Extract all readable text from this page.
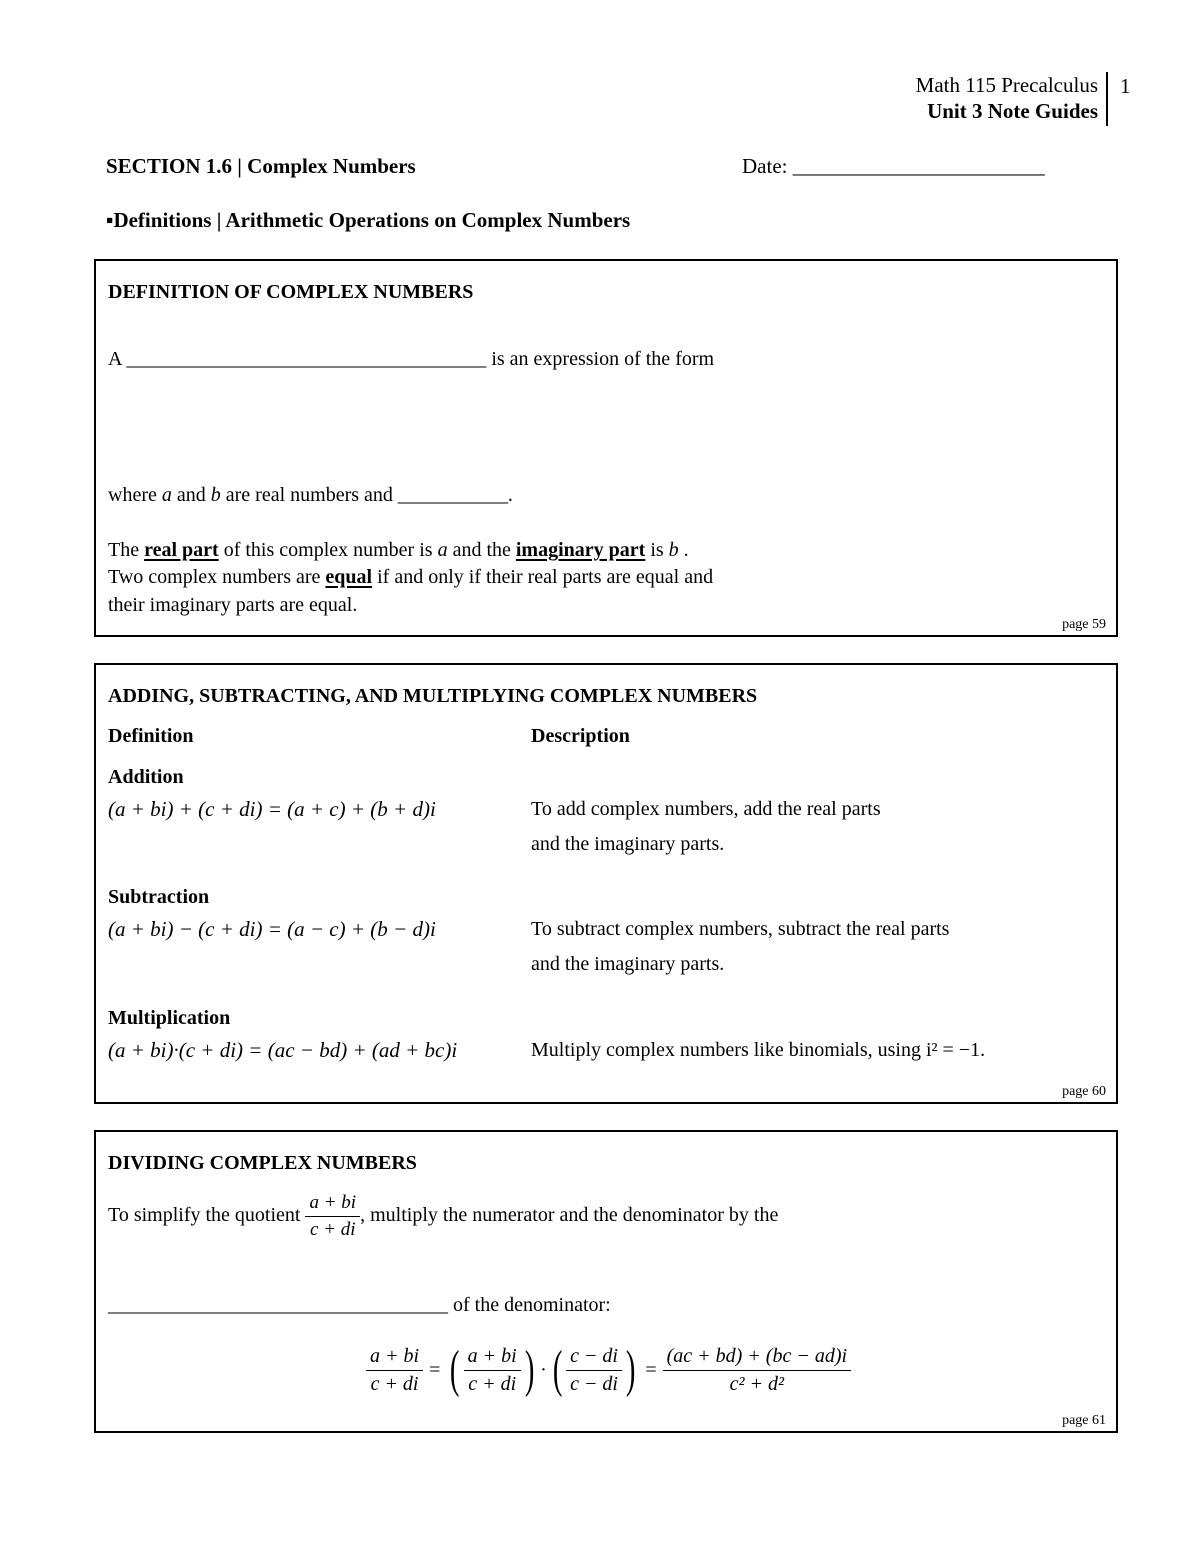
Math 115 Precalculus
Unit 3 Note Guides
1
SECTION 1.6 | Complex Numbers	Date: ________________________
▪Definitions | Arithmetic Operations on Complex Numbers
DEFINITION OF COMPLEX NUMBERS
A ____________________________________ is an expression of the form
where a and b are real numbers and ___________.
The real part of this complex number is a and the imaginary part is b .
Two complex numbers are equal if and only if their real parts are equal and
their imaginary parts are equal.
page 59
ADDING, SUBTRACTING, AND MULTIPLYING COMPLEX NUMBERS
Definition	Description
Addition
(a + bi) + (c + di) = (a + c) + (b + d)i	To add complex numbers, add the real parts
and the imaginary parts.
Subtraction
(a + bi) − (c + di) = (a − c) + (b − d)i	To subtract complex numbers, subtract the real parts
and the imaginary parts.
Multiplication
(a + bi)·(c + di) = (ac − bd) + (ad + bc)i	Multiply complex numbers like binomials, using i² = −1.
page 60
DIVIDING COMPLEX NUMBERS
To simplify the quotient $\frac{a + bi}{c + di}$ , multiply the numerator and the denominator by the
__________________________________ of the denominator:
$\frac{a + bi}{c + di}$ = ( $\frac{a + bi}{c + di}$ ) · ( $\frac{c - di}{c - di}$ ) = $\frac{(ac + bd) + (bc - ad)i}{\text{c² + d²}}$
page 61
